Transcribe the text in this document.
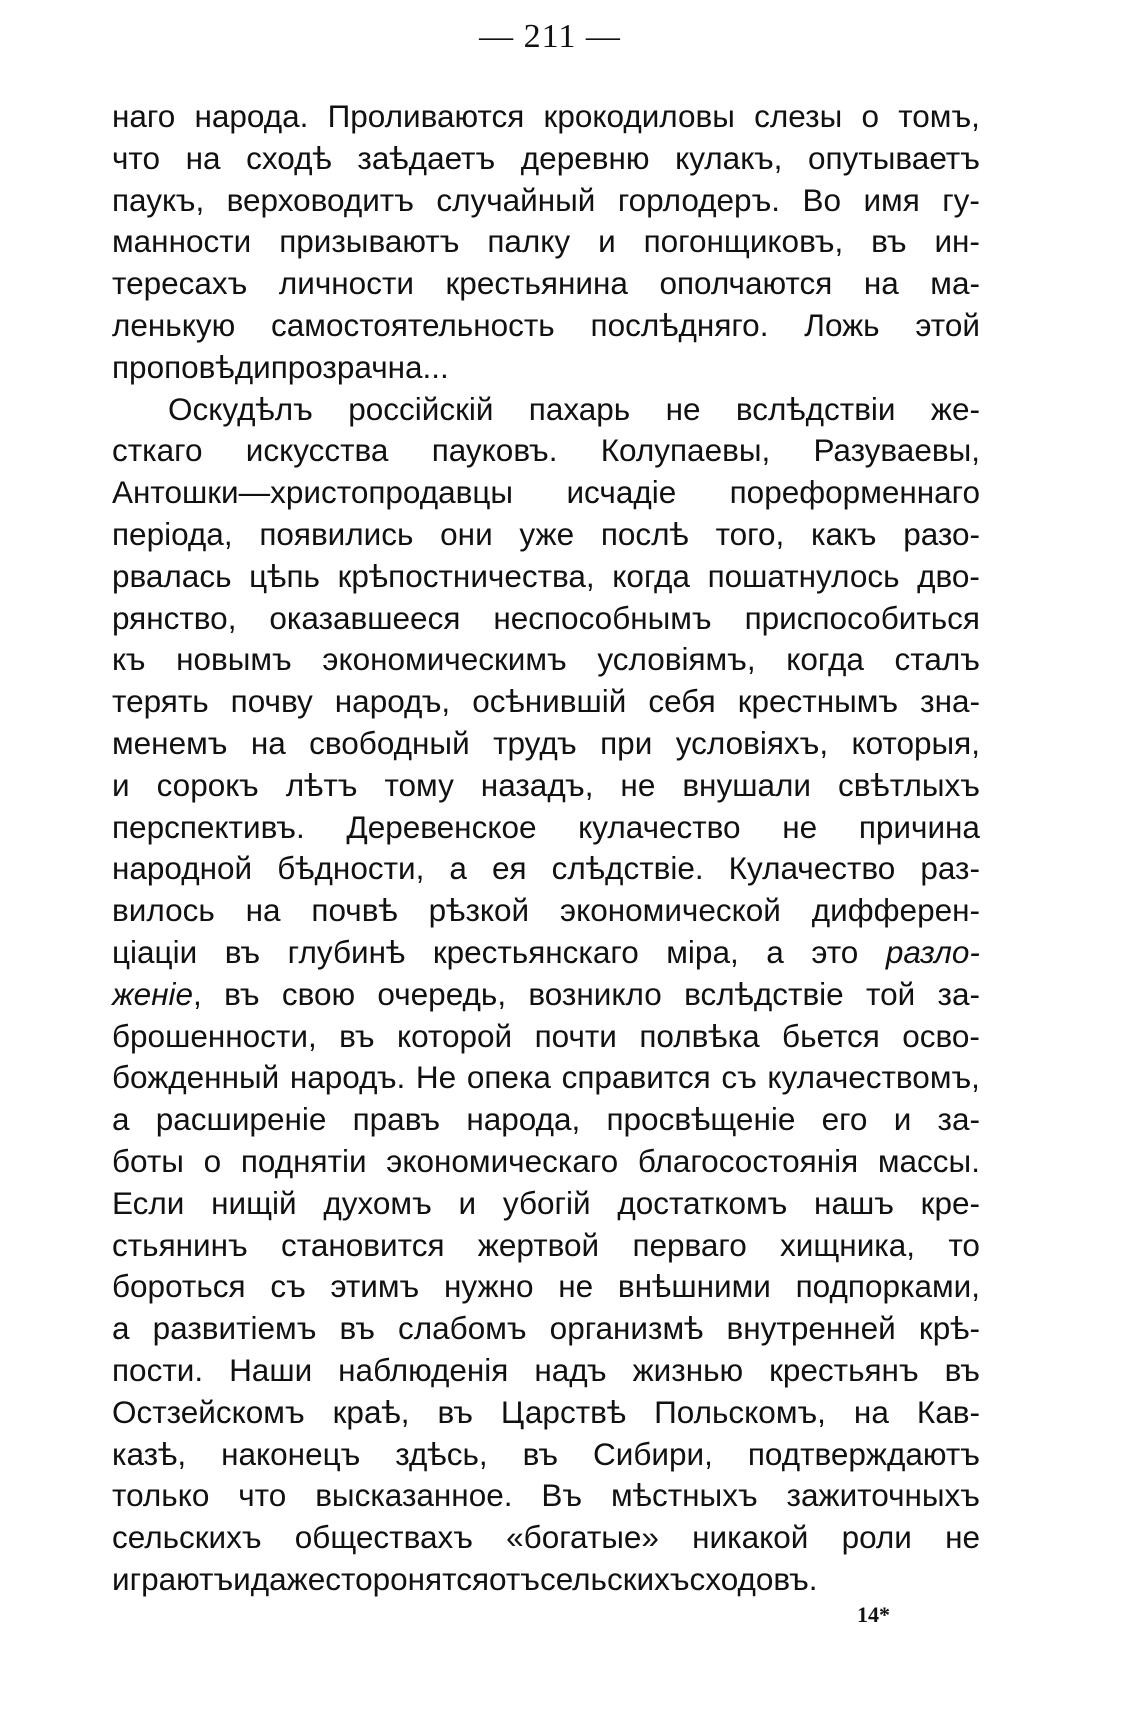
— 211 —
наго народа. Проливаются крокодиловы слезы о томъ,
что на сходѣ заѣдаетъ деревню кулакъ, опутываетъ
паукъ, верховодитъ случайный горлодеръ. Во имя гу-
манности призываютъ палку и погонщиковъ, въ ин-
тересахъ личности крестьянина ополчаются на ма-
ленькую самостоятельность послѣдняго. Ложь этой
проповѣди прозрачна...
Оскудѣлъ россійскій пахарь не вслѣдствіи же-
сткаго искусства пауковъ. Колупаевы, Разуваевы,
Антошки—христопродавцы исчадіе пореформеннаго
періода, появились они уже послѣ того, какъ разо-
рвалась цѣпь крѣпостничества, когда пошатнулось дво-
рянство, оказавшееся неспособнымъ приспособиться
къ новымъ экономическимъ условіямъ, когда сталъ
терять почву народъ, осѣнившій себя крестнымъ зна-
менемъ на свободный трудъ при условіяхъ, которыя,
и сорокъ лѣтъ тому назадъ, не внушали свѣтлыхъ
перспективъ. Деревенское кулачество не причина
народной бѣдности, а ея слѣдствіе. Кулачество раз-
вилось на почвѣ рѣзкой экономической дифферен-
ціаціи въ глубинѣ крестьянскаго міра, а это разло-
женіе, въ свою очередь, возникло вслѣдствіе той за-
брошенности, въ которой почти полвѣка бьется осво-
божденный народъ. Не опека справится съ кулачествомъ,
а расширеніе правъ народа, просвѣщеніе его и за-
боты о поднятіи экономическаго благосостоянія массы.
Если нищій духомъ и убогій достаткомъ нашъ кре-
стьянинъ становится жертвой перваго хищника, то
бороться съ этимъ нужно не внѣшними подпорками,
а развитіемъ въ слабомъ организмѣ внутренней крѣ-
пости. Наши наблюденія надъ жизнью крестьянъ въ
Остзейскомъ краѣ, въ Царствѣ Польскомъ, на Кав-
казѣ, наконецъ здѣсь, въ Сибири, подтверждаютъ
только что высказанное. Въ мѣстныхъ зажиточныхъ
сельскихъ обществахъ «богатые» никакой роли не
играютъ и даже сторонятся отъ сельскихъ сходовъ.
14*
